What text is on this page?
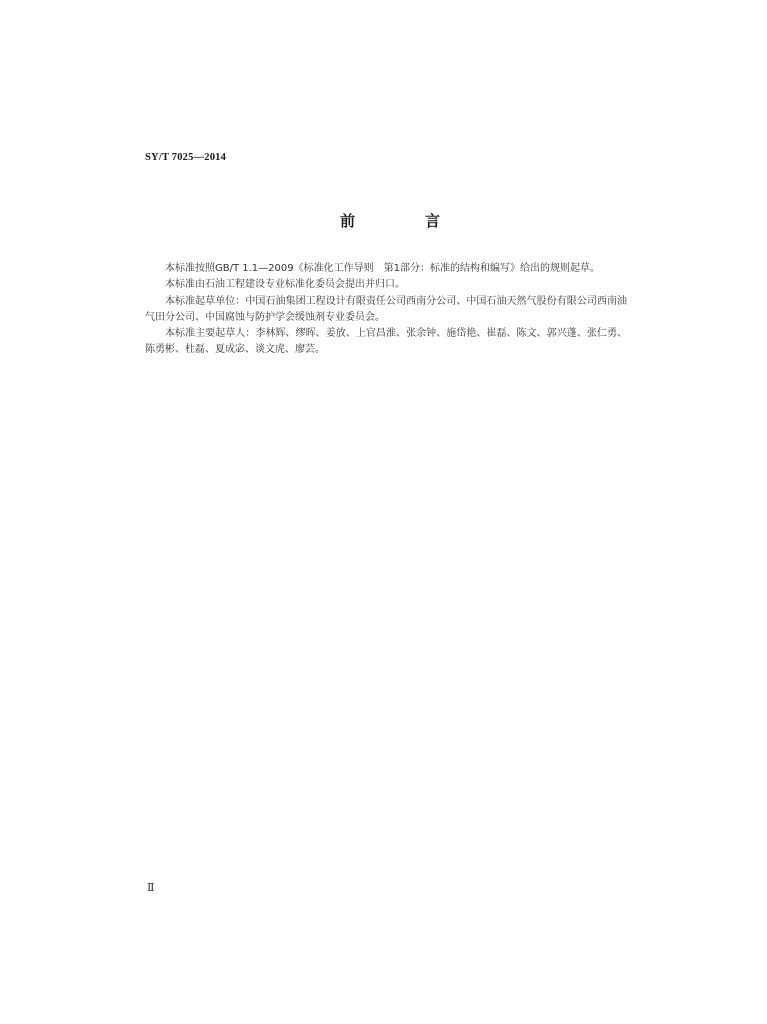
SY/T 7025—2014
前	言

本标准按照GB/T 1.1—2009《标准化工作导则　第1部分：标准的结构和编写》给出的规则起草。

本标准由石油工程建设专业标准化委员会提出并归口。

本标准起草单位：中国石油集团工程设计有限责任公司西南分公司、中国石油天然气股份有限公司西南油气田分公司、中国腐蚀与防护学会缓蚀剂专业委员会。

本标准主要起草人：李林辉、缪晖、姜放、上官昌淮、张余钟、施岱艳、崔磊、陈文、郭兴蓬、张仁勇、陈勇彬、杜磊、夏成宓、谈文虎、廖芸。

Ⅱ
